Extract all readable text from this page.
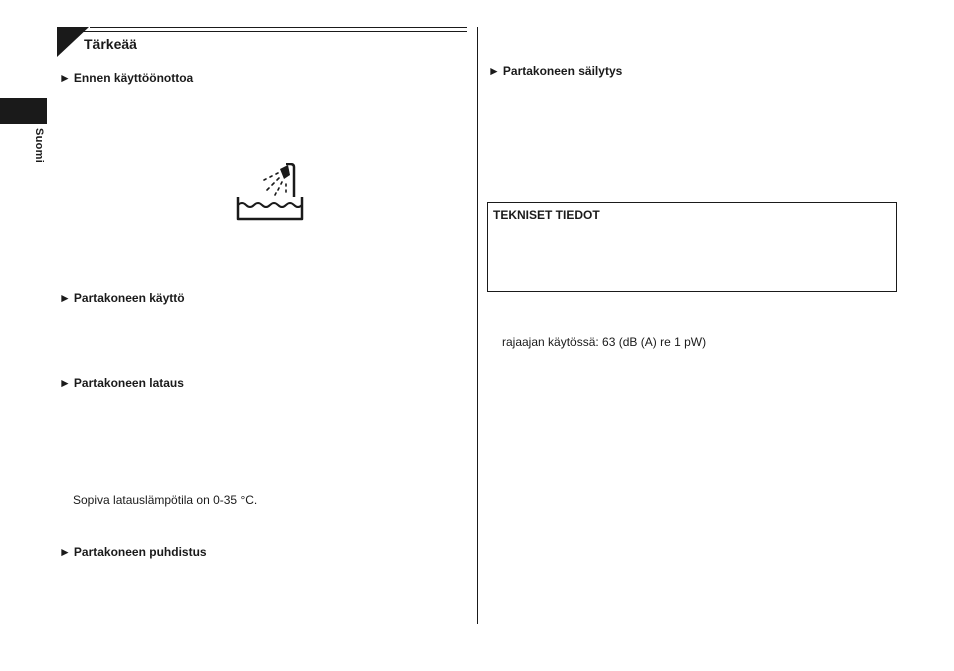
Suomi
Tärkeää
► Ennen käyttöönottoa
► Partakoneen käyttö
► Partakoneen lataus
Sopiva latauslämpötila on 0-35 °C.
► Partakoneen puhdistus
► Partakoneen säilytys
TEKNISET TIEDOT
rajaajan käytössä: 63 (dB (A) re 1 pW)
